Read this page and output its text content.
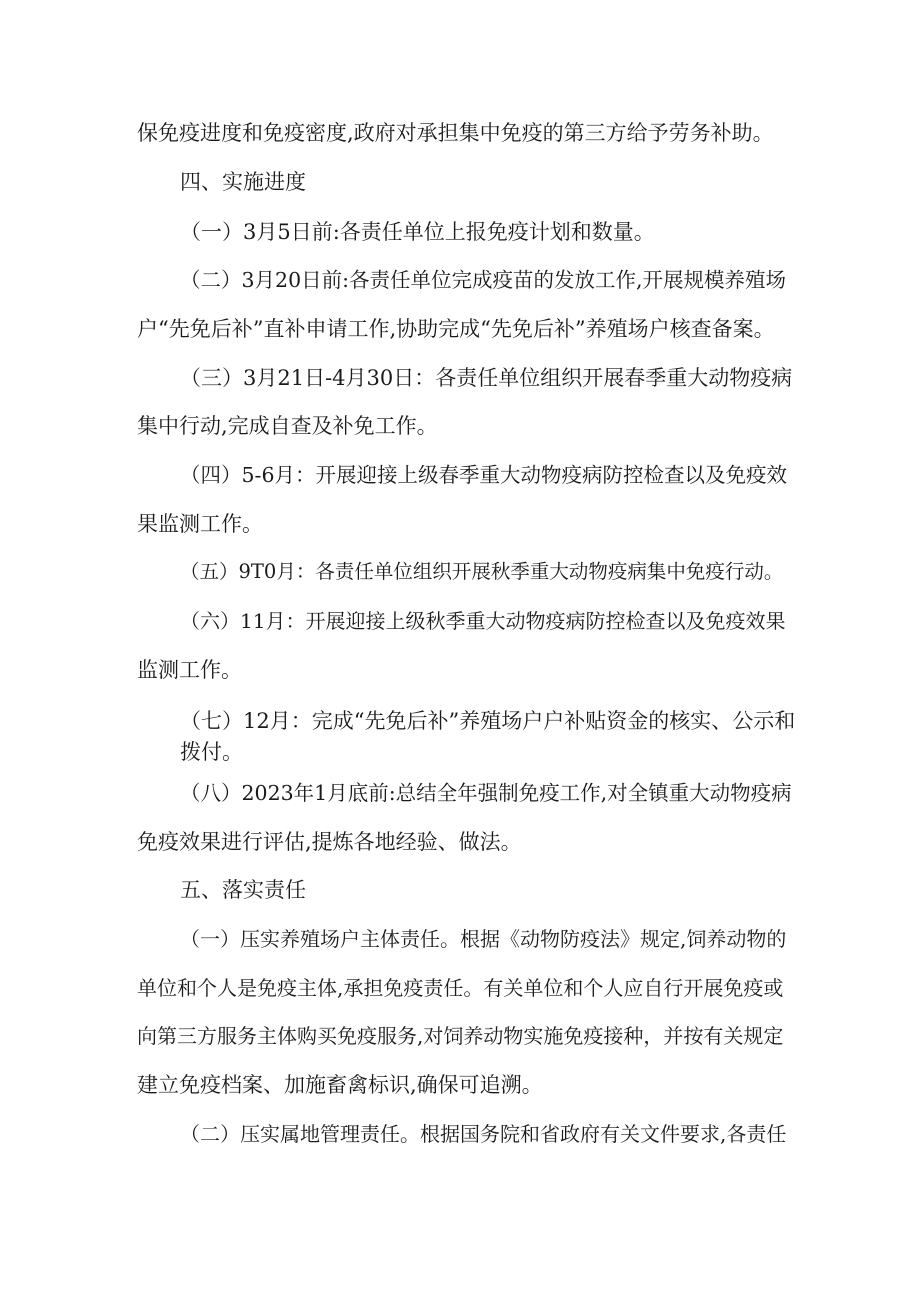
保免疫进度和免疫密度,政府对承担集中免疫的第三方给予劳务补助。
四、实施进度
（一）3月5日前:各责任单位上报免疫计划和数量。
（二）3月20日前:各责任单位完成疫苗的发放工作,开展规模养殖场
户“先免后补”直补申请工作,协助完成“先免后补”养殖场户核查备案。
（三）3月21日-4月30日：各责任单位组织开展春季重大动物疫病
集中行动,完成自查及补免工作。
（四）5-6月：开展迎接上级春季重大动物疫病防控检查以及免疫效
果监测工作。
（五）9T0月：各责任单位组织开展秋季重大动物疫病集中免疫行动。
（六）11月：开展迎接上级秋季重大动物疫病防控检查以及免疫效果
监测工作。
（七）12月：完成“先免后补”养殖场户户补贴资金的核实、公示和
拨付。
（八）2023年1月底前:总结全年强制免疫工作,对全镇重大动物疫病
免疫效果进行评估,提炼各地经验、做法。
五、落实责任
（一）压实养殖场户主体责任。根据《动物防疫法》规定,饲养动物的
单位和个人是免疫主体,承担免疫责任。有关单位和个人应自行开展免疫或
向第三方服务主体购买免疫服务,对饲养动物实施免疫接种，并按有关规定
建立免疫档案、加施畜禽标识,确保可追溯。
（二）压实属地管理责任。根据国务院和省政府有关文件要求,各责任
